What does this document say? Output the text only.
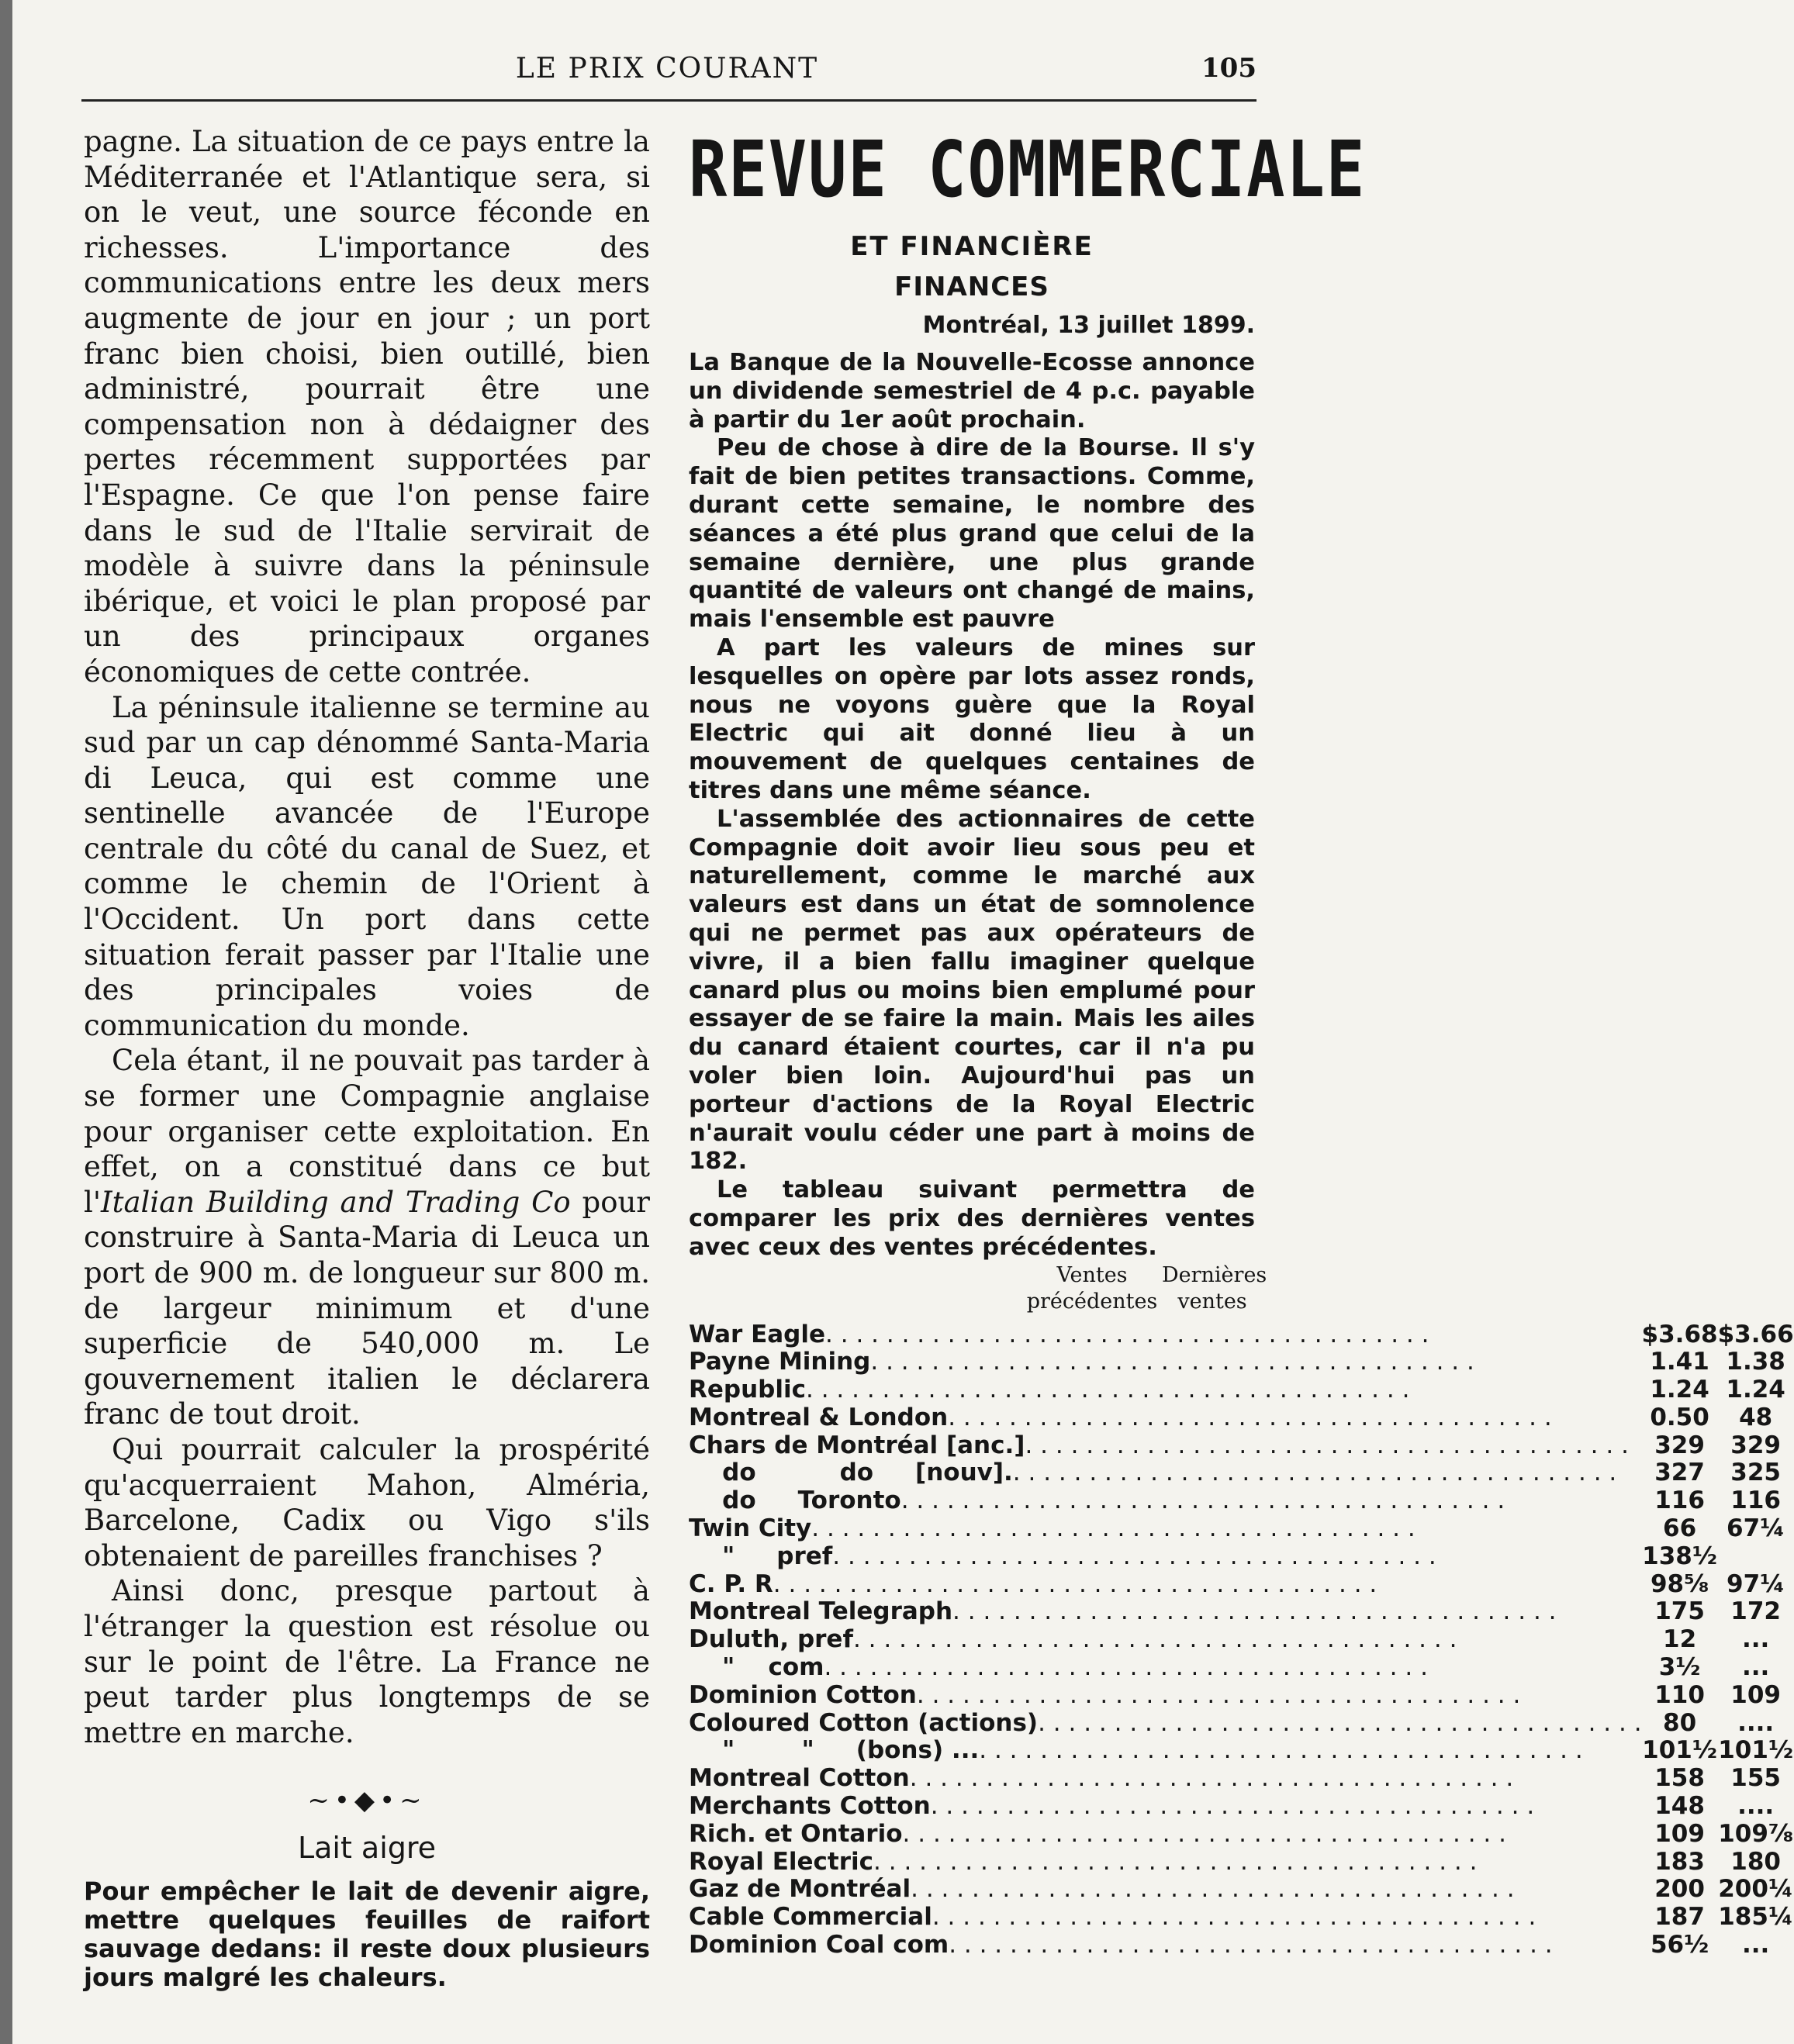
LE PRIX COURANT	105

pagne. La situation de ce pays entre la Méditerranée et l'Atlantique sera, si on le veut, une source féconde en richesses. L'importance des communications entre les deux mers augmente de jour en jour ; un port franc bien choisi, bien outillé, bien administré, pourrait être une compensation non à dédaigner des pertes récemment supportées par l'Espagne. Ce que l'on pense faire dans le sud de l'Italie servirait de modèle à suivre dans la péninsule ibérique, et voici le plan proposé par un des principaux organes économiques de cette contrée.

La péninsule italienne se termine au sud par un cap dénommé Santa-Maria di Leuca, qui est comme une sentinelle avancée de l'Europe centrale du côté du canal de Suez, et comme le chemin de l'Orient à l'Occident. Un port dans cette situation ferait passer par l'Italie une des principales voies de communication du monde.

Cela étant, il ne pouvait pas tarder à se former une Compagnie anglaise pour organiser cette exploitation. En effet, on a constitué dans ce but l'Italian Building and Trading Co pour construire à Santa-Maria di Leuca un port de 900 m. de longueur sur 800 m. de largeur minimum et d'une superficie de 540,000 m. Le gouvernement italien le déclarera franc de tout droit.

Qui pourrait calculer la prospérité qu'acquerraient Mahon, Alméria, Barcelone, Cadix ou Vigo s'ils obtenaient de pareilles franchises ?

Ainsi donc, presque partout à l'étranger la question est résolue ou sur le point de l'être. La France ne peut tarder plus longtemps de se mettre en marche.

~•◆•~
Lait aigre

Pour empêcher le lait de devenir aigre, mettre quelques feuilles de raifort sauvage dedans: il reste doux plusieurs jours malgré les chaleurs.

REVUE COMMERCIALE
ET FINANCIÈRE
FINANCES
Montréal, 13 juillet 1899.

La Banque de la Nouvelle-Ecosse annonce un dividende semestriel de 4 p.c. payable à partir du 1er août prochain.

Peu de chose à dire de la Bourse. Il s'y fait de bien petites transactions. Comme, durant cette semaine, le nombre des séances a été plus grand que celui de la semaine dernière, une plus grande quantité de valeurs ont changé de mains, mais l'ensemble est pauvre

A part les valeurs de mines sur lesquelles on opère par lots assez ronds, nous ne voyons guère que la Royal Electric qui ait donné lieu à un mouvement de quelques centaines de titres dans une même séance.

L'assemblée des actionnaires de cette Compagnie doit avoir lieu sous peu et naturellement, comme le marché aux valeurs est dans un état de somnolence qui ne permet pas aux opérateurs de vivre, il a bien fallu imaginer quelque canard plus ou moins bien emplumé pour essayer de se faire la main. Mais les ailes du canard étaient courtes, car il n'a pu voler bien loin. Aujourd'hui pas un porteur d'actions de la Royal Electric n'aurait voulu céder une part à moins de 182.

Le tableau suivant permettra de comparer les prix des dernières ventes avec ceux des ventes précédentes.

Ventes précédentes
Dernières ventes
War Eagle
. . .	$3.68	$3.66

Payne Mining
. . .	1.41	1.38

Republic
. . .	1.24	1.24

Montreal & London
. . .	0.50	48

Chars de Montréal [anc.]
. . .	329	329

do          do     [nouv].
. . .	327	325

do     Toronto
. . .	116	116

Twin City
. . .	66	67¼

"     pref
. . .	138½	

C. P. R
. . .	98⅝	97¼

Montreal Telegraph
. . .	175	172

Duluth, pref
. . .	12	...

"    com
. . .	3½	...

Dominion Cotton
. . .	110	109

Coloured Cotton (actions)
. . .	80	....

"        "     (bons) ...
. . .	101½	101½

Montreal Cotton
. . .	158	155

Merchants Cotton
. . .	148	....

Rich. et Ontario
. . .	109	109⅞

Royal Electric
. . .	183	180

Gaz de Montréal
. . .	200	200¼

Cable Commercial
. . .	187	185¼

Dominion Coal com
. . .	56½	...
